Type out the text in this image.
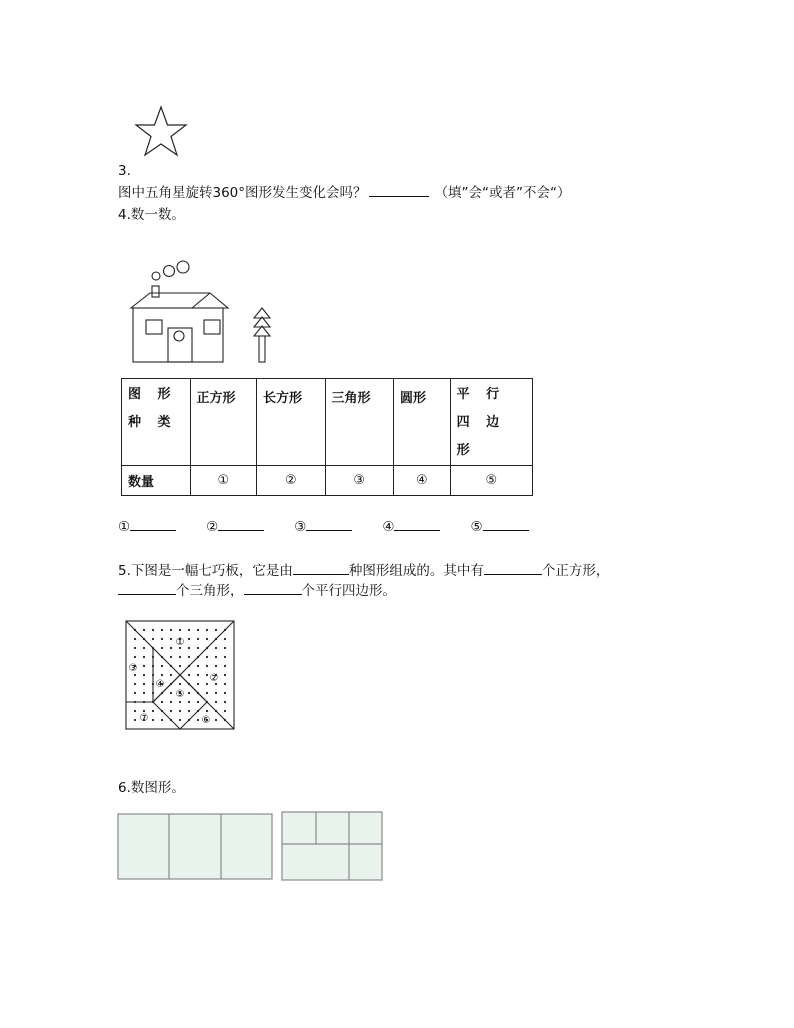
3.
图中五角星旋转360°图形发生变化会吗？	（填”会“或者”不会“）
4.数一数。
图 形 种 类	正方形	长方形	三角形	圆形	平 行 四 边 形
数量	①	②	③	④	⑤
①	②	③	④	⑤
5.下图是一幅七巧板，它是由	种图形组成的。其中有	个正方形，
个三角形，	个平行四边形。
①
②
③
④
⑤
⑥
⑦
6.数图形。
